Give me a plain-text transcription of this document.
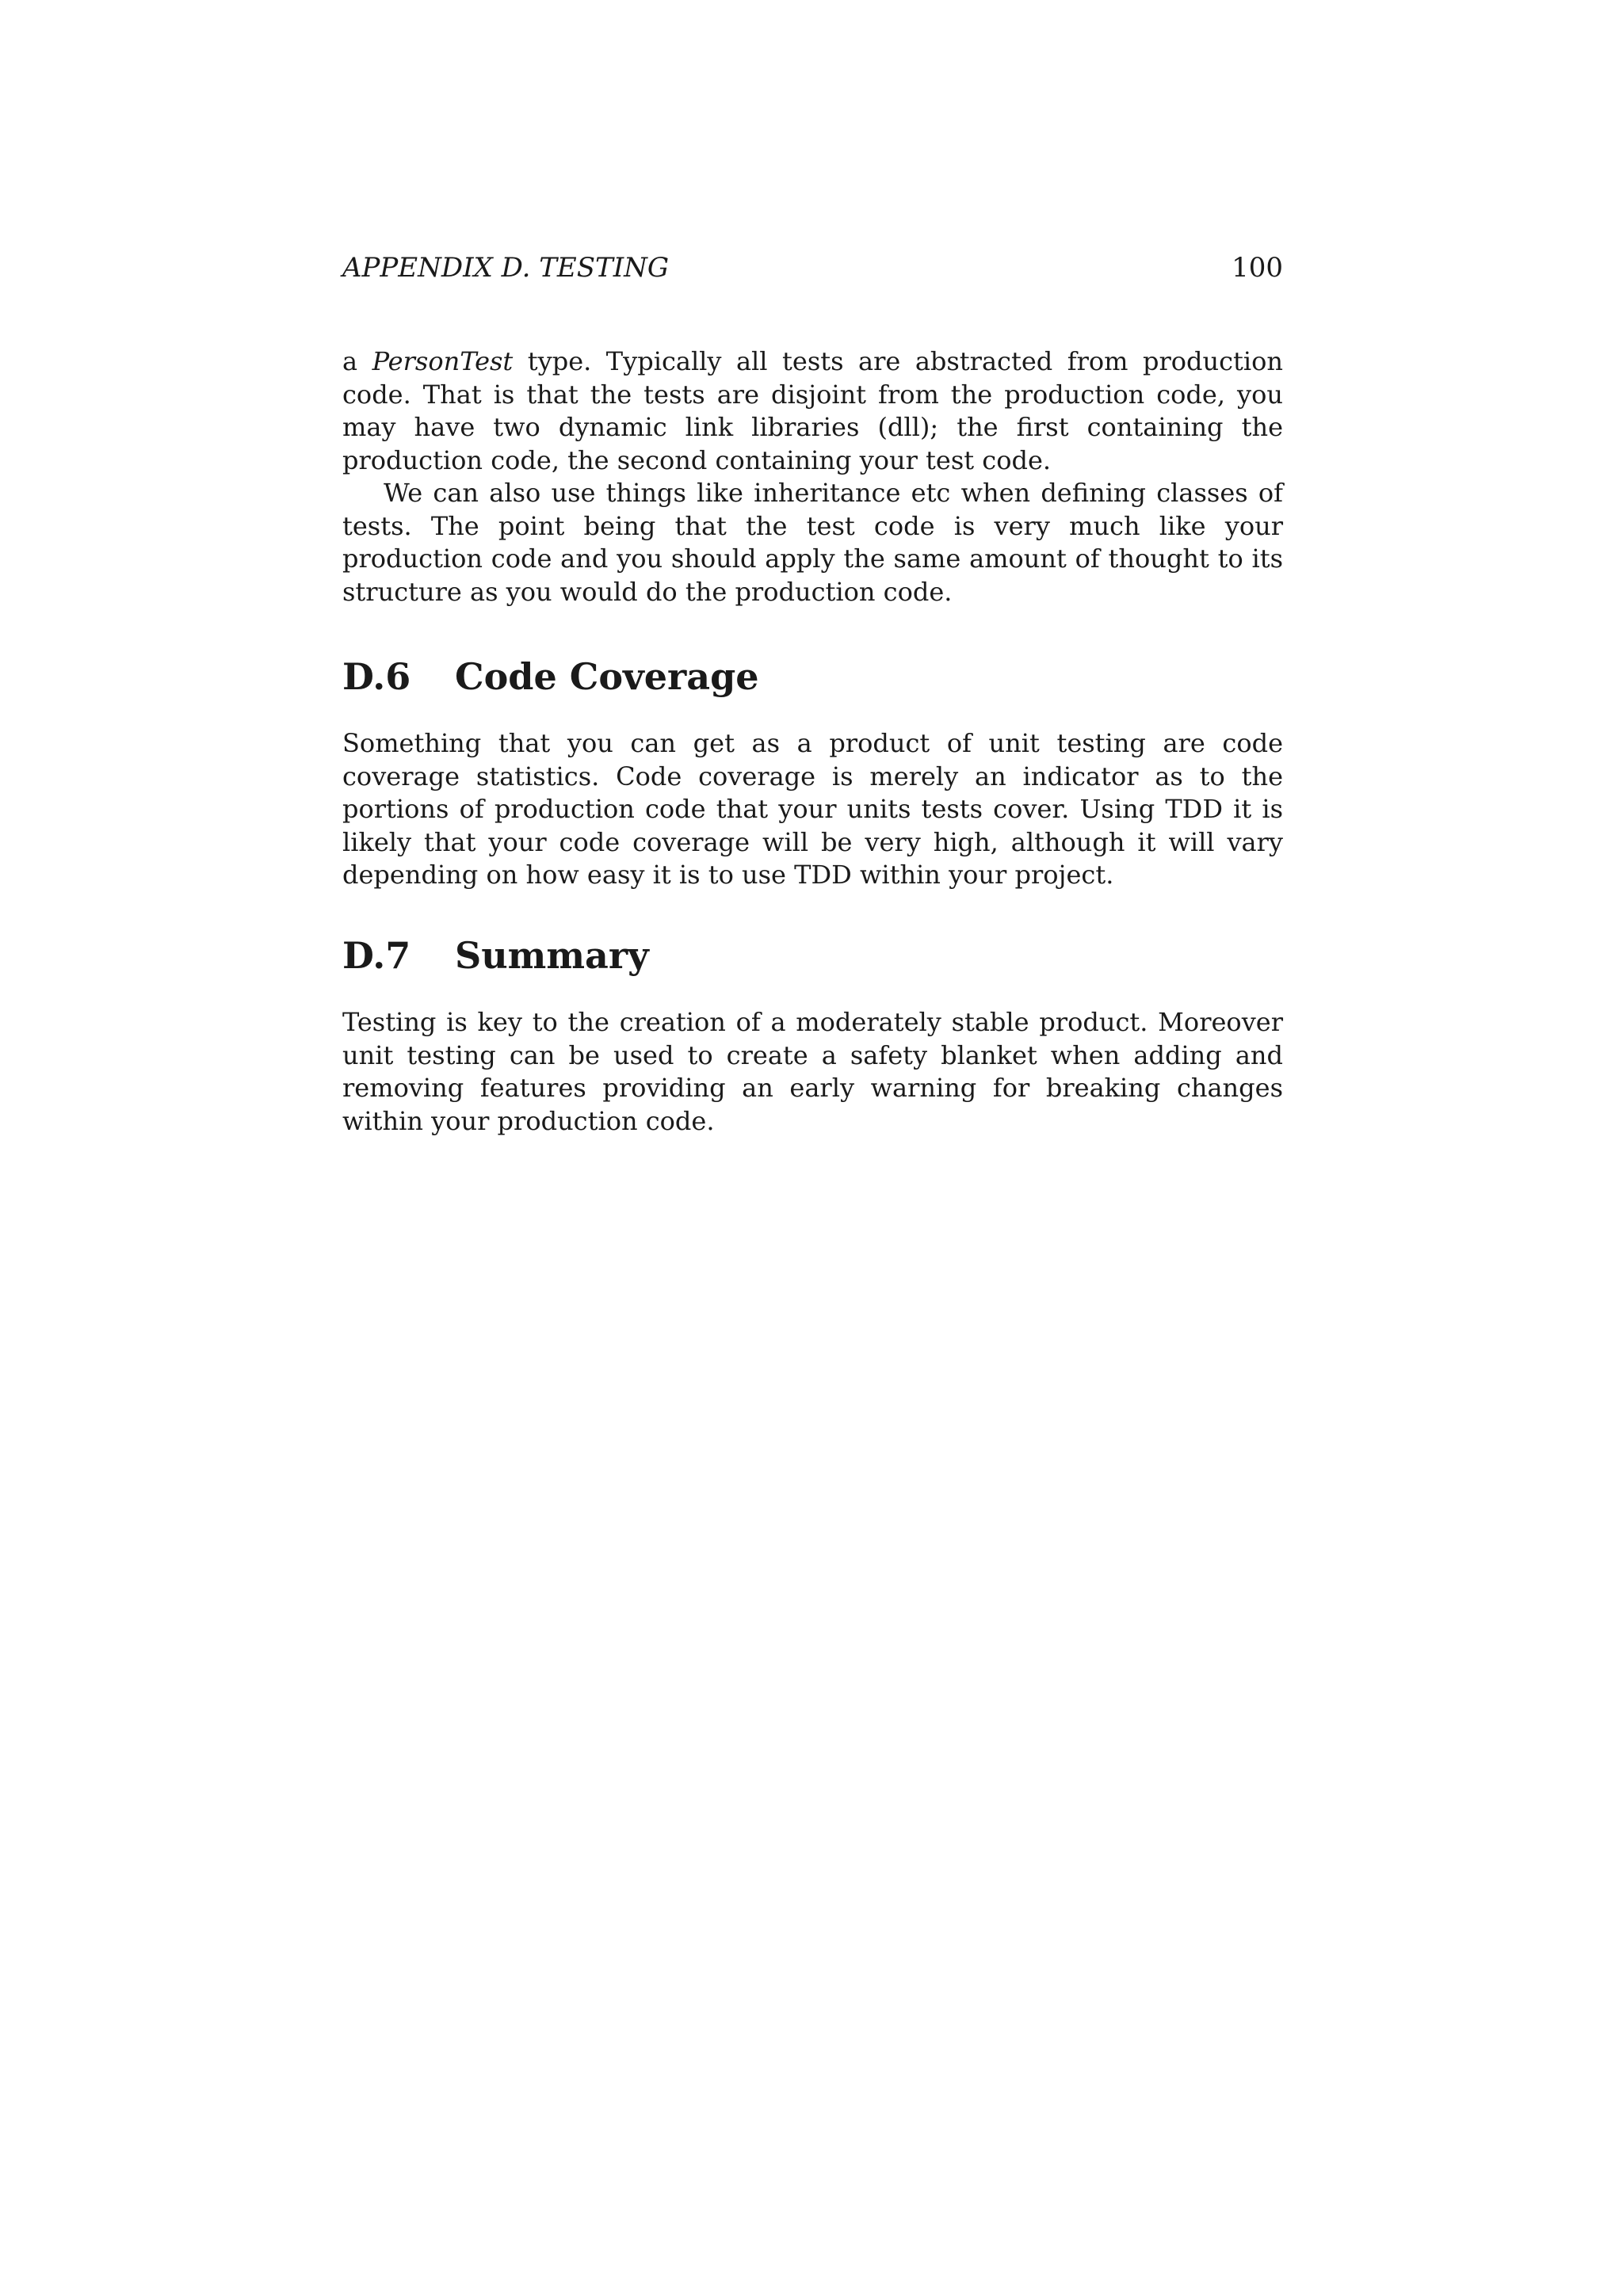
APPENDIX D. TESTING	100

a PersonTest type. Typically all tests are abstracted from production code. That is that the tests are disjoint from the production code, you may have two dynamic link libraries (dll); the first containing the production code, the second containing your test code.

We can also use things like inheritance etc when defining classes of tests. The point being that the test code is very much like your production code and you should apply the same amount of thought to its structure as you would do the production code.

D.6	Code Coverage

Something that you can get as a product of unit testing are code coverage statistics. Code coverage is merely an indicator as to the portions of production code that your units tests cover. Using TDD it is likely that your code coverage will be very high, although it will vary depending on how easy it is to use TDD within your project.

D.7	Summary

Testing is key to the creation of a moderately stable product. Moreover unit testing can be used to create a safety blanket when adding and removing features providing an early warning for breaking changes within your production code.
